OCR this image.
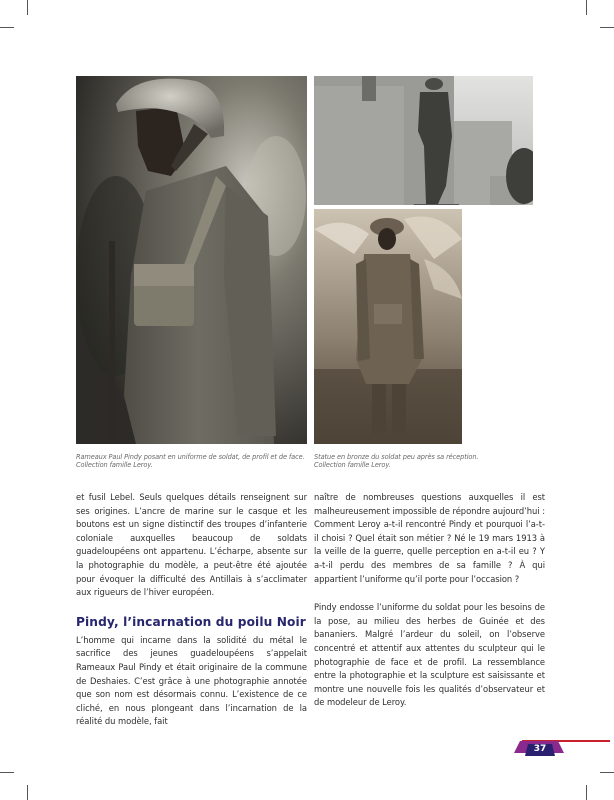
Rameaux Paul Pindy posant en uniforme de soldat, de profil et de face.
Collection famille Leroy.
Statue en bronze du soldat peu après sa réception.
Collection famille Leroy.

et fusil Lebel. Seuls quelques détails renseignent sur ses origines. L’ancre de marine sur le casque et les boutons est un signe distinctif des troupes d’infanterie coloniale auxquelles beaucoup de soldats guadeloupéens ont appartenu. L’écharpe, absente sur la photographie du modèle, a peut-être été ajoutée pour évoquer la difficulté des Antillais à s’acclimater aux rigueurs de l’hiver européen.

Pindy, l’incarnation du poilu Noir

L’homme qui incarne dans la solidité du métal le sacrifice des jeunes guadeloupéens s’appelait Rameaux Paul Pindy et était originaire de la commune de Deshaies. C’est grâce à une photographie annotée que son nom est désormais connu. L’existence de ce cliché, en nous plongeant dans l’incarnation de la réalité du modèle, fait

naître de nombreuses questions auxquelles il est malheureusement impossible de répondre aujourd’hui : Comment Leroy a-t-il rencontré Pindy et pourquoi l’a-t-il choisi ? Quel était son métier ? Né le 19 mars 1913 à la veille de la guerre, quelle perception en a-t-il eu ? Y a-t-il perdu des membres de sa famille ? À qui appartient l’uniforme qu’il porte pour l’occasion ?

Pindy endosse l’uniforme du soldat pour les besoins de la pose, au milieu des herbes de Guinée et des bananiers. Malgré l’ardeur du soleil, on l’observe concentré et attentif aux attentes du sculpteur qui le photographie de face et de profil. La ressemblance entre la photographie et la sculpture est saisissante et montre une nouvelle fois les qualités d’observateur et de modeleur de Leroy.

37
